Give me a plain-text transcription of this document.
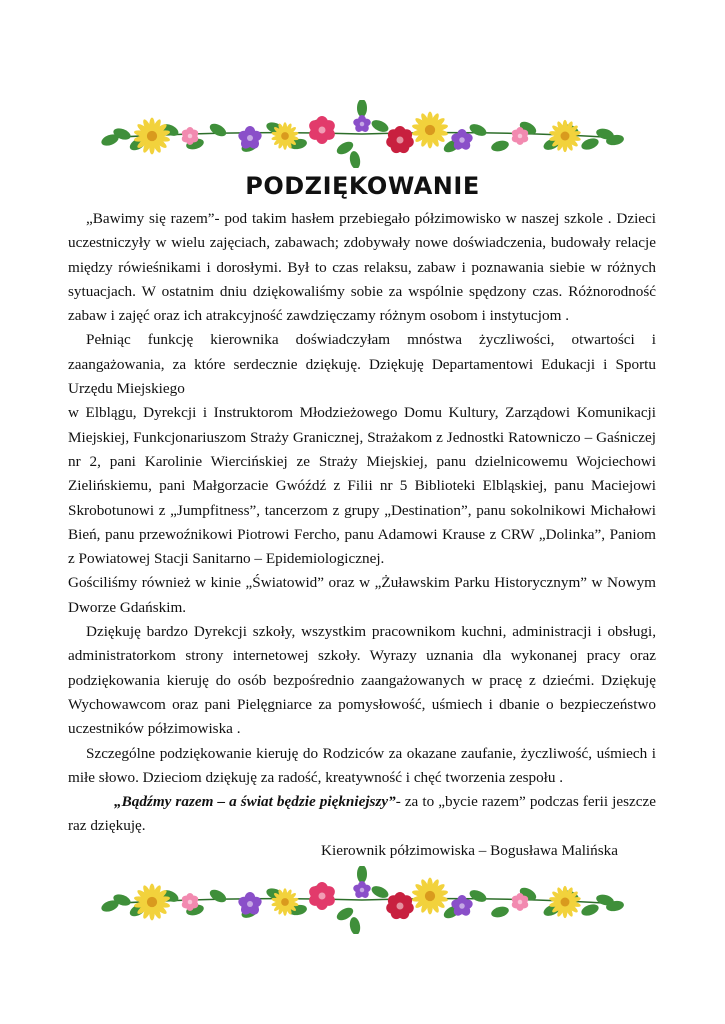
PODZIĘKOWANIE

„Bawimy się razem”- pod takim hasłem przebiegało półzimowisko w naszej szkole . Dzieci uczestniczyły w wielu zajęciach, zabawach; zdobywały nowe doświadczenia, budowały relacje między rówieśnikami i dorosłymi. Był to czas relaksu, zabaw i poznawania siebie w różnych sytuacjach. W ostatnim dniu dziękowaliśmy sobie za wspólnie spędzony czas. Różnorodność zabaw i zajęć oraz ich atrakcyjność zawdzięczamy różnym osobom i instytucjom .

Pełniąc funkcję kierownika doświadczyłam mnóstwa życzliwości, otwartości i zaangażowania, za które serdecznie dziękuję. Dziękuję Departamentowi Edukacji i Sportu Urzędu Miejskiego

w Elblągu, Dyrekcji i Instruktorom Młodzieżowego Domu Kultury, Zarządowi Komunikacji Miejskiej, Funkcjonariuszom Straży Granicznej, Strażakom z Jednostki Ratowniczo – Gaśniczej nr 2, pani Karolinie Wiercińskiej ze Straży Miejskiej, panu dzielnicowemu Wojciechowi Zielińskiemu, pani Małgorzacie Gwóźdź z Filii nr 5 Biblioteki Elbląskiej, panu Maciejowi Skrobotunowi z „Jumpfitness”, tancerzom z grupy „Destination”, panu sokolnikowi Michałowi Bień, panu przewoźnikowi Piotrowi Fercho, panu Adamowi Krause z CRW „Dolinka”, Paniom z Powiatowej Stacji Sanitarno – Epidemiologicznej.

Gościliśmy również w kinie „Światowid” oraz w „Żuławskim Parku Historycznym” w Nowym Dworze Gdańskim.

Dziękuję bardzo Dyrekcji szkoły, wszystkim pracownikom kuchni, administracji i obsługi, administratorkom strony internetowej szkoły. Wyrazy uznania dla wykonanej pracy oraz podziękowania kieruję do osób bezpośrednio zaangażowanych w pracę z dziećmi. Dziękuję Wychowawcom oraz pani Pielęgniarce za pomysłowość, uśmiech i dbanie o bezpieczeństwo uczestników półzimowiska .

Szczególne podziękowanie kieruję do Rodziców za okazane zaufanie, życzliwość, uśmiech i miłe słowo. Dzieciom dziękuję za radość, kreatywność i chęć tworzenia zespołu .

„Bądźmy razem – a świat będzie piękniejszy”- za to „bycie razem” podczas ferii jeszcze raz dziękuję.

Kierownik półzimowiska – Bogusława Malińska
